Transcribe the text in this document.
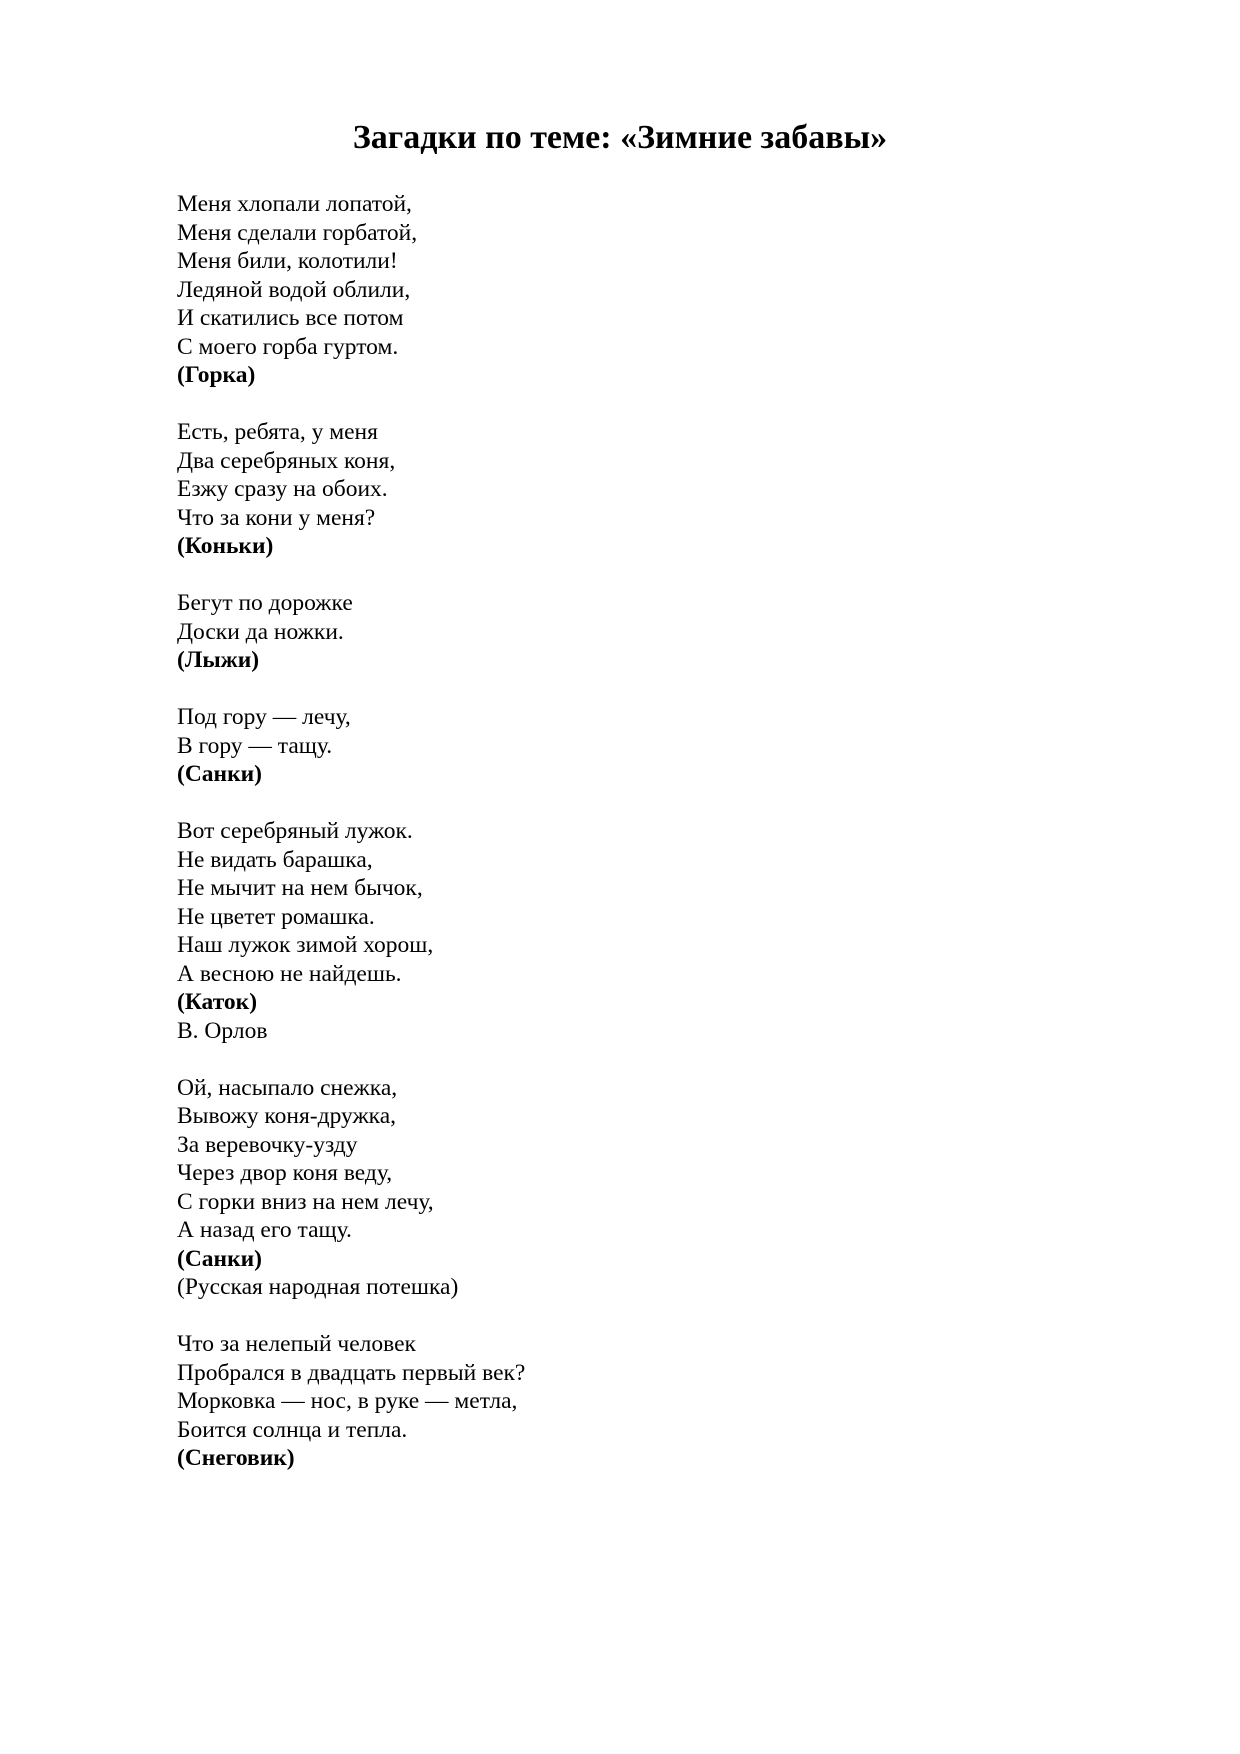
Загадки по теме: «Зимние забавы»
Меня хлопали лопатой,
Меня сделали горбатой,
Меня били, колотили!
Ледяной водой облили,
И скатились все потом
С моего горба гуртом.
(Горка)
Есть, ребята, у меня
Два серебряных коня,
Езжу сразу на обоих.
Что за кони у меня?
(Коньки)
Бегут по дорожке
Доски да ножки.
(Лыжи)
Под гору — лечу,
В гору — тащу.
(Санки)
Вот серебряный лужок.
Не видать барашка,
Не мычит на нем бычок,
Не цветет ромашка.
Наш лужок зимой хорош,
А весною не найдешь.
(Каток)
В. Орлов
Ой, насыпало снежка,
Вывожу коня-дружка,
За веревочку-узду
Через двор коня веду,
С горки вниз на нем лечу,
А назад его тащу.
(Санки)
(Русская народная потешка)
Что за нелепый человек
Пробрался в двадцать первый век?
Морковка — нос, в руке — метла,
Боится солнца и тепла.
(Снеговик)
